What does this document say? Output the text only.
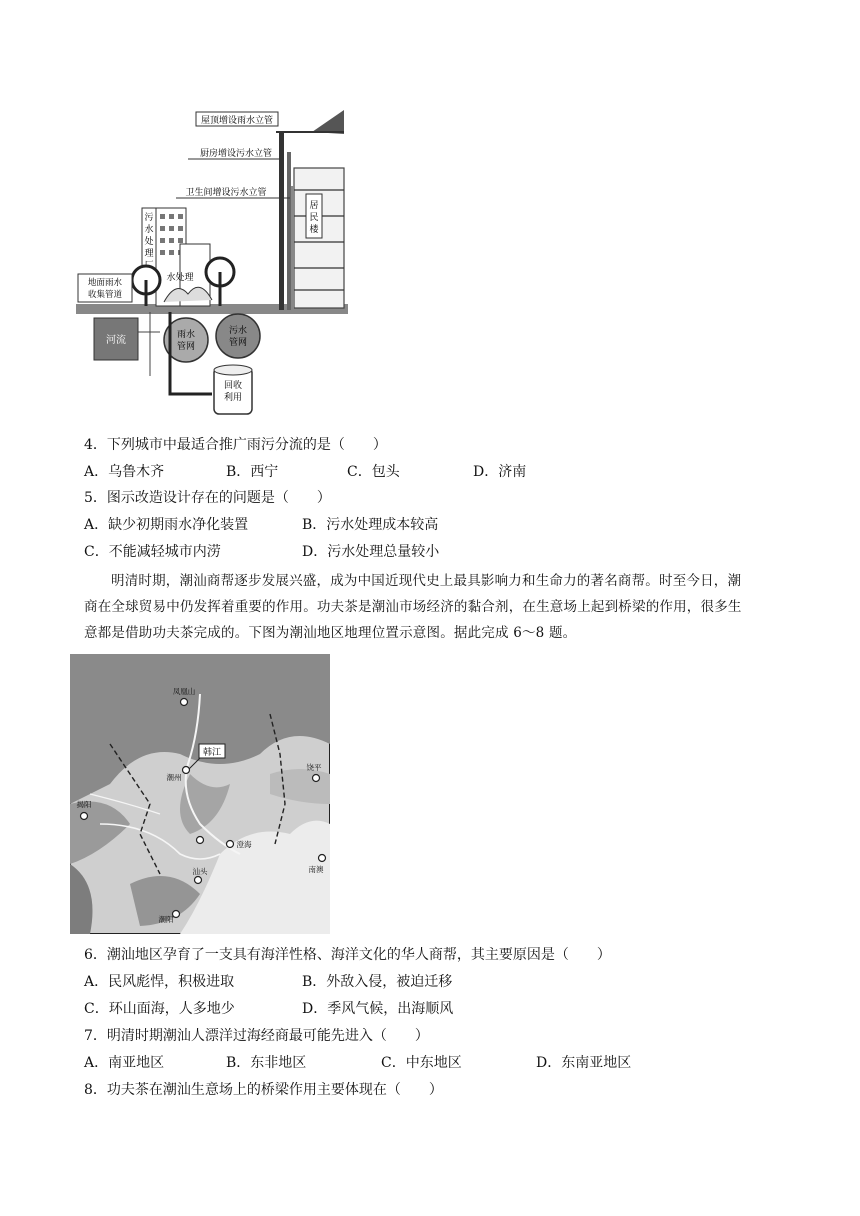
屋顶增设雨水立管
厨房增设污水立管
卫生间增设污水立管
居民楼
污水处理
水处理
地面雨水收集管道
河流	雨水管网
污水管网
回收利用
4．下列城市中最适合推广雨污分流的是（　　）
A．乌鲁木齐	B．西宁	C．包头	D．济南
5．图示改造设计存在的问题是（　　）
A．缺少初期雨水净化装置	B．污水处理成本较高
C．不能减轻城市内涝	D．污水处理总量较小
明清时期，潮汕商帮逐步发展兴盛，成为中国近现代史上最具影响力和生命力的著名商帮。时至今日，潮
商在全球贸易中仍发挥着重要的作用。功夫茶是潮汕市场经济的黏合剂，在生意场上起到桥梁的作用，很多生
意都是借助功夫茶完成的。下图为潮汕地区地理位置示意图。据此完成 6～8 题。
韩江
凤凰山
潮州
揭阳
澄海
汕头
潮阳
饶平
南澳
6．潮汕地区孕育了一支具有海洋性格、海洋文化的华人商帮，其主要原因是（　　）
A．民风彪悍，积极进取	B．外敌入侵，被迫迁移
C．环山面海，人多地少	D．季风气候，出海顺风
7．明清时期潮汕人漂洋过海经商最可能先进入（　　）
A．南亚地区	B．东非地区	C．中东地区	D．东南亚地区
8．功夫茶在潮汕生意场上的桥梁作用主要体现在（　　）
